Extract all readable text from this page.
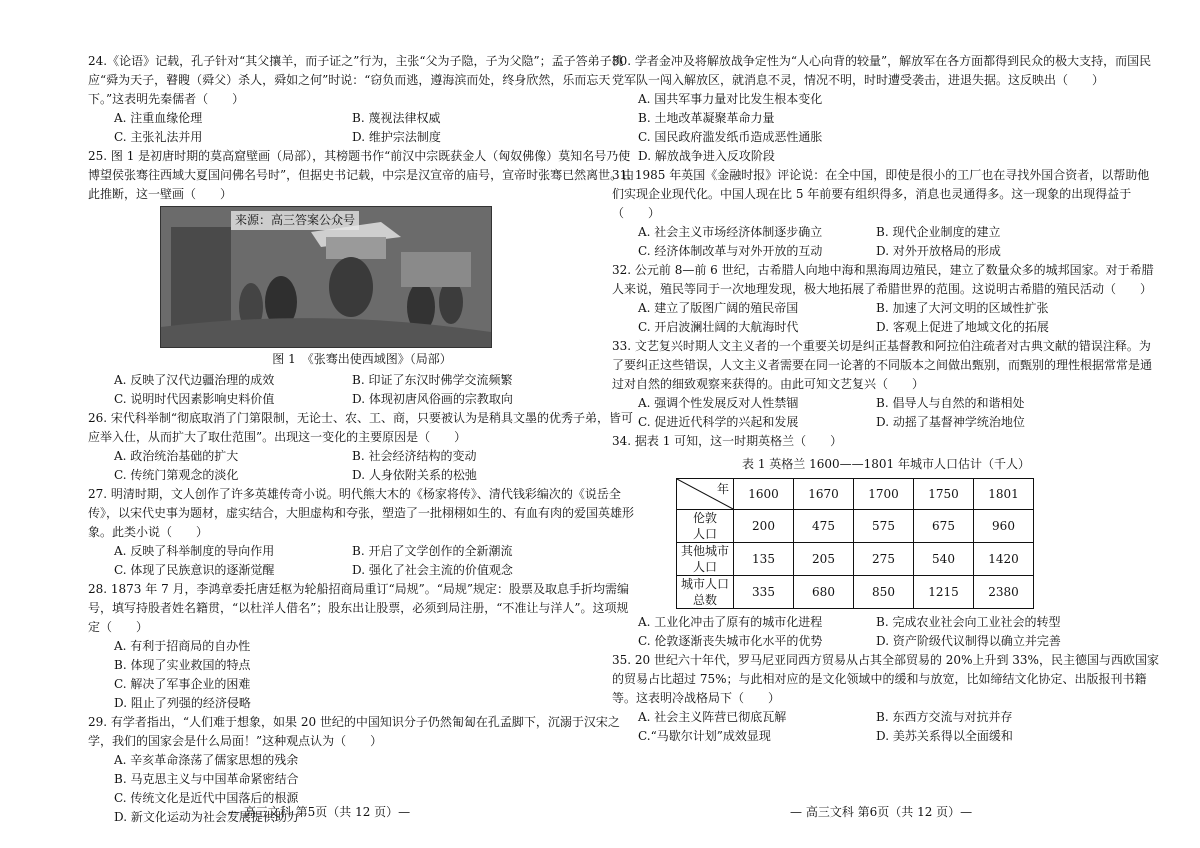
24.《论语》记载，孔子针对“其父攘羊，而子证之”行为，主张“父为子隐，子为父隐”；孟子答弟子桃应“舜为天子，瞽瞍（舜父）杀人，舜如之何”时说：“窃负而逃，遵海滨而处，终身欣然，乐而忘天下。”这表明先秦儒者（　　）

A. 注重血缘伦理	B. 蔑视法律权威
C. 主张礼法并用	D. 维护宗法制度

25. 图 1 是初唐时期的莫高窟壁画（局部），其榜题书作“前汉中宗既获金人（匈奴佛像）莫知名号乃使博望侯张骞往西域大夏国问佛名号时”，但据史书记载，中宗是汉宣帝的庙号，宣帝时张骞已然离世。由此推断，这一壁画（　　）

来源：高三答案公众号

图 1　《张骞出使西域图》（局部）

A. 反映了汉代边疆治理的成效	B. 印证了东汉时佛学交流频繁
C. 说明时代因素影响史料价值	D. 体现初唐风俗画的宗教取向

26. 宋代科举制“彻底取消了门第限制，无论士、农、工、商，只要被认为是稍具文墨的优秀子弟，皆可应举入仕，从而扩大了取仕范围”。出现这一变化的主要原因是（　　）

A. 政治统治基础的扩大	B. 社会经济结构的变动
C. 传统门第观念的淡化	D. 人身依附关系的松弛

27. 明清时期，文人创作了许多英雄传奇小说。明代熊大木的《杨家将传》、清代钱彩编次的《说岳全传》，以宋代史事为题材，虚实结合，大胆虚构和夸张，塑造了一批栩栩如生的、有血有肉的爱国英雄形象。此类小说（　　）

A. 反映了科举制度的导向作用	B. 开启了文学创作的全新潮流
C. 体现了民族意识的逐渐觉醒	D. 强化了社会主流的价值观念

28. 1873 年 7 月，李鸿章委托唐廷枢为轮船招商局重订“局规”。“局规”规定：股票及取息手折均需编号，填写持股者姓名籍贯，“以杜洋人借名”；股东出让股票，必须到局注册，“不准让与洋人”。这项规定（　　）

A. 有利于招商局的自办性
B. 体现了实业救国的特点
C. 解决了军事企业的困难
D. 阻止了列强的经济侵略

29. 有学者指出，“人们难于想象，如果 20 世纪的中国知识分子仍然匍匐在孔孟脚下，沉溺于汉宋之学，我们的国家会是什么局面！”这种观点认为（　　）

A. 辛亥革命涤荡了儒家思想的残余
B. 马克思主义与中国革命紧密结合
C. 传统文化是近代中国落后的根源
D. 新文化运动为社会发展提供助力
— 高三文科 第5页（共 12 页）—

30. 学者金冲及将解放战争定性为“人心向背的较量”，解放军在各方面都得到民众的极大支持，而国民党军队一闯入解放区，就消息不灵，情况不明，时时遭受袭击，进退失据。这反映出（　　）

A. 国共军事力量对比发生根本变化
B. 土地改革凝聚革命力量
C. 国民政府滥发纸币造成恶性通胀
D. 解放战争进入反攻阶段

31. 1985 年英国《金融时报》评论说：在全中国，即使是很小的工厂也在寻找外国合资者，以帮助他们实现企业现代化。中国人现在比 5 年前要有组织得多，消息也灵通得多。这一现象的出现得益于（　　）

A. 社会主义市场经济体制逐步确立	B. 现代企业制度的建立
C. 经济体制改革与对外开放的互动	D. 对外开放格局的形成

32. 公元前 8—前 6 世纪，古希腊人向地中海和黑海周边殖民，建立了数量众多的城邦国家。对于希腊人来说，殖民等同于一次地理发现，极大地拓展了希腊世界的范围。这说明古希腊的殖民活动（　　）

A. 建立了版图广阔的殖民帝国	B. 加速了大河文明的区域性扩张
C. 开启波澜壮阔的大航海时代	D. 客观上促进了地域文化的拓展

33. 文艺复兴时期人文主义者的一个重要关切是纠正基督教和阿拉伯注疏者对古典文献的错误注释。为了要纠正这些错误，人文主义者需要在同一论著的不同版本之间做出甄别，而甄别的理性根据常常是通过对自然的细致观察来获得的。由此可知文艺复兴（　　）

A. 强调个性发展反对人性禁锢	B. 倡导人与自然的和谐相处
C. 促进近代科学的兴起和发展	D. 动摇了基督神学统治地位

34. 据表 1 可知，这一时期英格兰（　　）

表 1 英格兰 1600——1801 年城市人口估计（千人）

年	1600	1670	1700	1750	1801
伦敦
人口	200	475	575	675	960
其他城市
人口	135	205	275	540	1420
城市人口
总数	335	680	850	1215	2380
A. 工业化冲击了原有的城市化进程	B. 完成农业社会向工业社会的转型
C. 伦敦逐渐丧失城市化水平的优势	D. 资产阶级代议制得以确立并完善

35. 20 世纪六十年代，罗马尼亚同西方贸易从占其全部贸易的 20%上升到 33%，民主德国与西欧国家的贸易占比超过 75%；与此相对应的是文化领域中的缓和与放宽，比如缔结文化协定、出版报刊书籍等。这表明冷战格局下（　　）

A. 社会主义阵营已彻底瓦解	B. 东西方交流与对抗并存
C.“马歇尔计划”成效显现	D. 美苏关系得以全面缓和
— 高三文科 第6页（共 12 页）—
